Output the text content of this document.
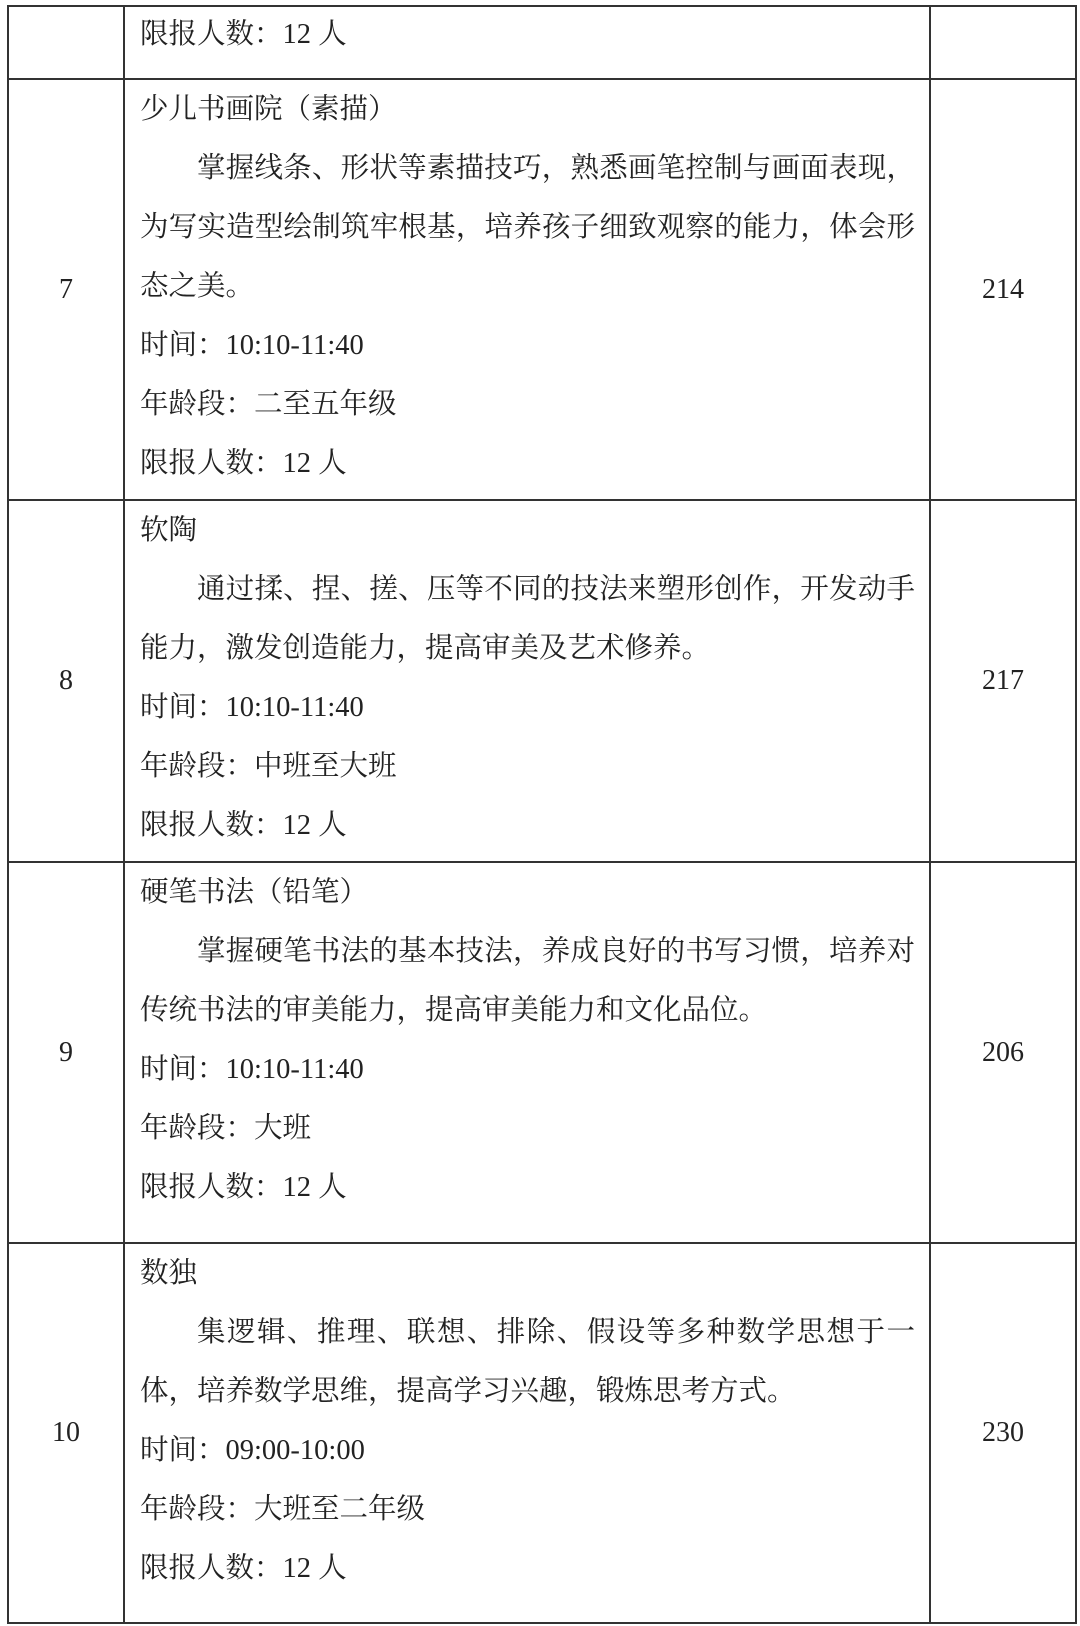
	限报人数：12 人	

7	少儿书画院（素描）

掌握线条、形状等素描技巧，熟悉画笔控制与画面表现，为写实造型绘制筑牢根基，培养孩子细致观察的能力，体会形态之美。

时间：10:10-11:40

年龄段：二至五年级

限报人数：12 人	214
8	软陶

通过揉、捏、搓、压等不同的技法来塑形创作，开发动手能力，激发创造能力，提高审美及艺术修养。

时间：10:10-11:40

年龄段：中班至大班

限报人数：12 人	217
9	硬笔书法（铅笔）

掌握硬笔书法的基本技法，养成良好的书写习惯，培养对传统书法的审美能力，提高审美能力和文化品位。

时间：10:10-11:40

年龄段：大班

限报人数：12 人	206
10	数独

集逻辑、推理、联想、排除、假设等多种数学思想于一体，培养数学思维，提高学习兴趣，锻炼思考方式。

时间：09:00-10:00

年龄段：大班至二年级

限报人数：12 人	230
